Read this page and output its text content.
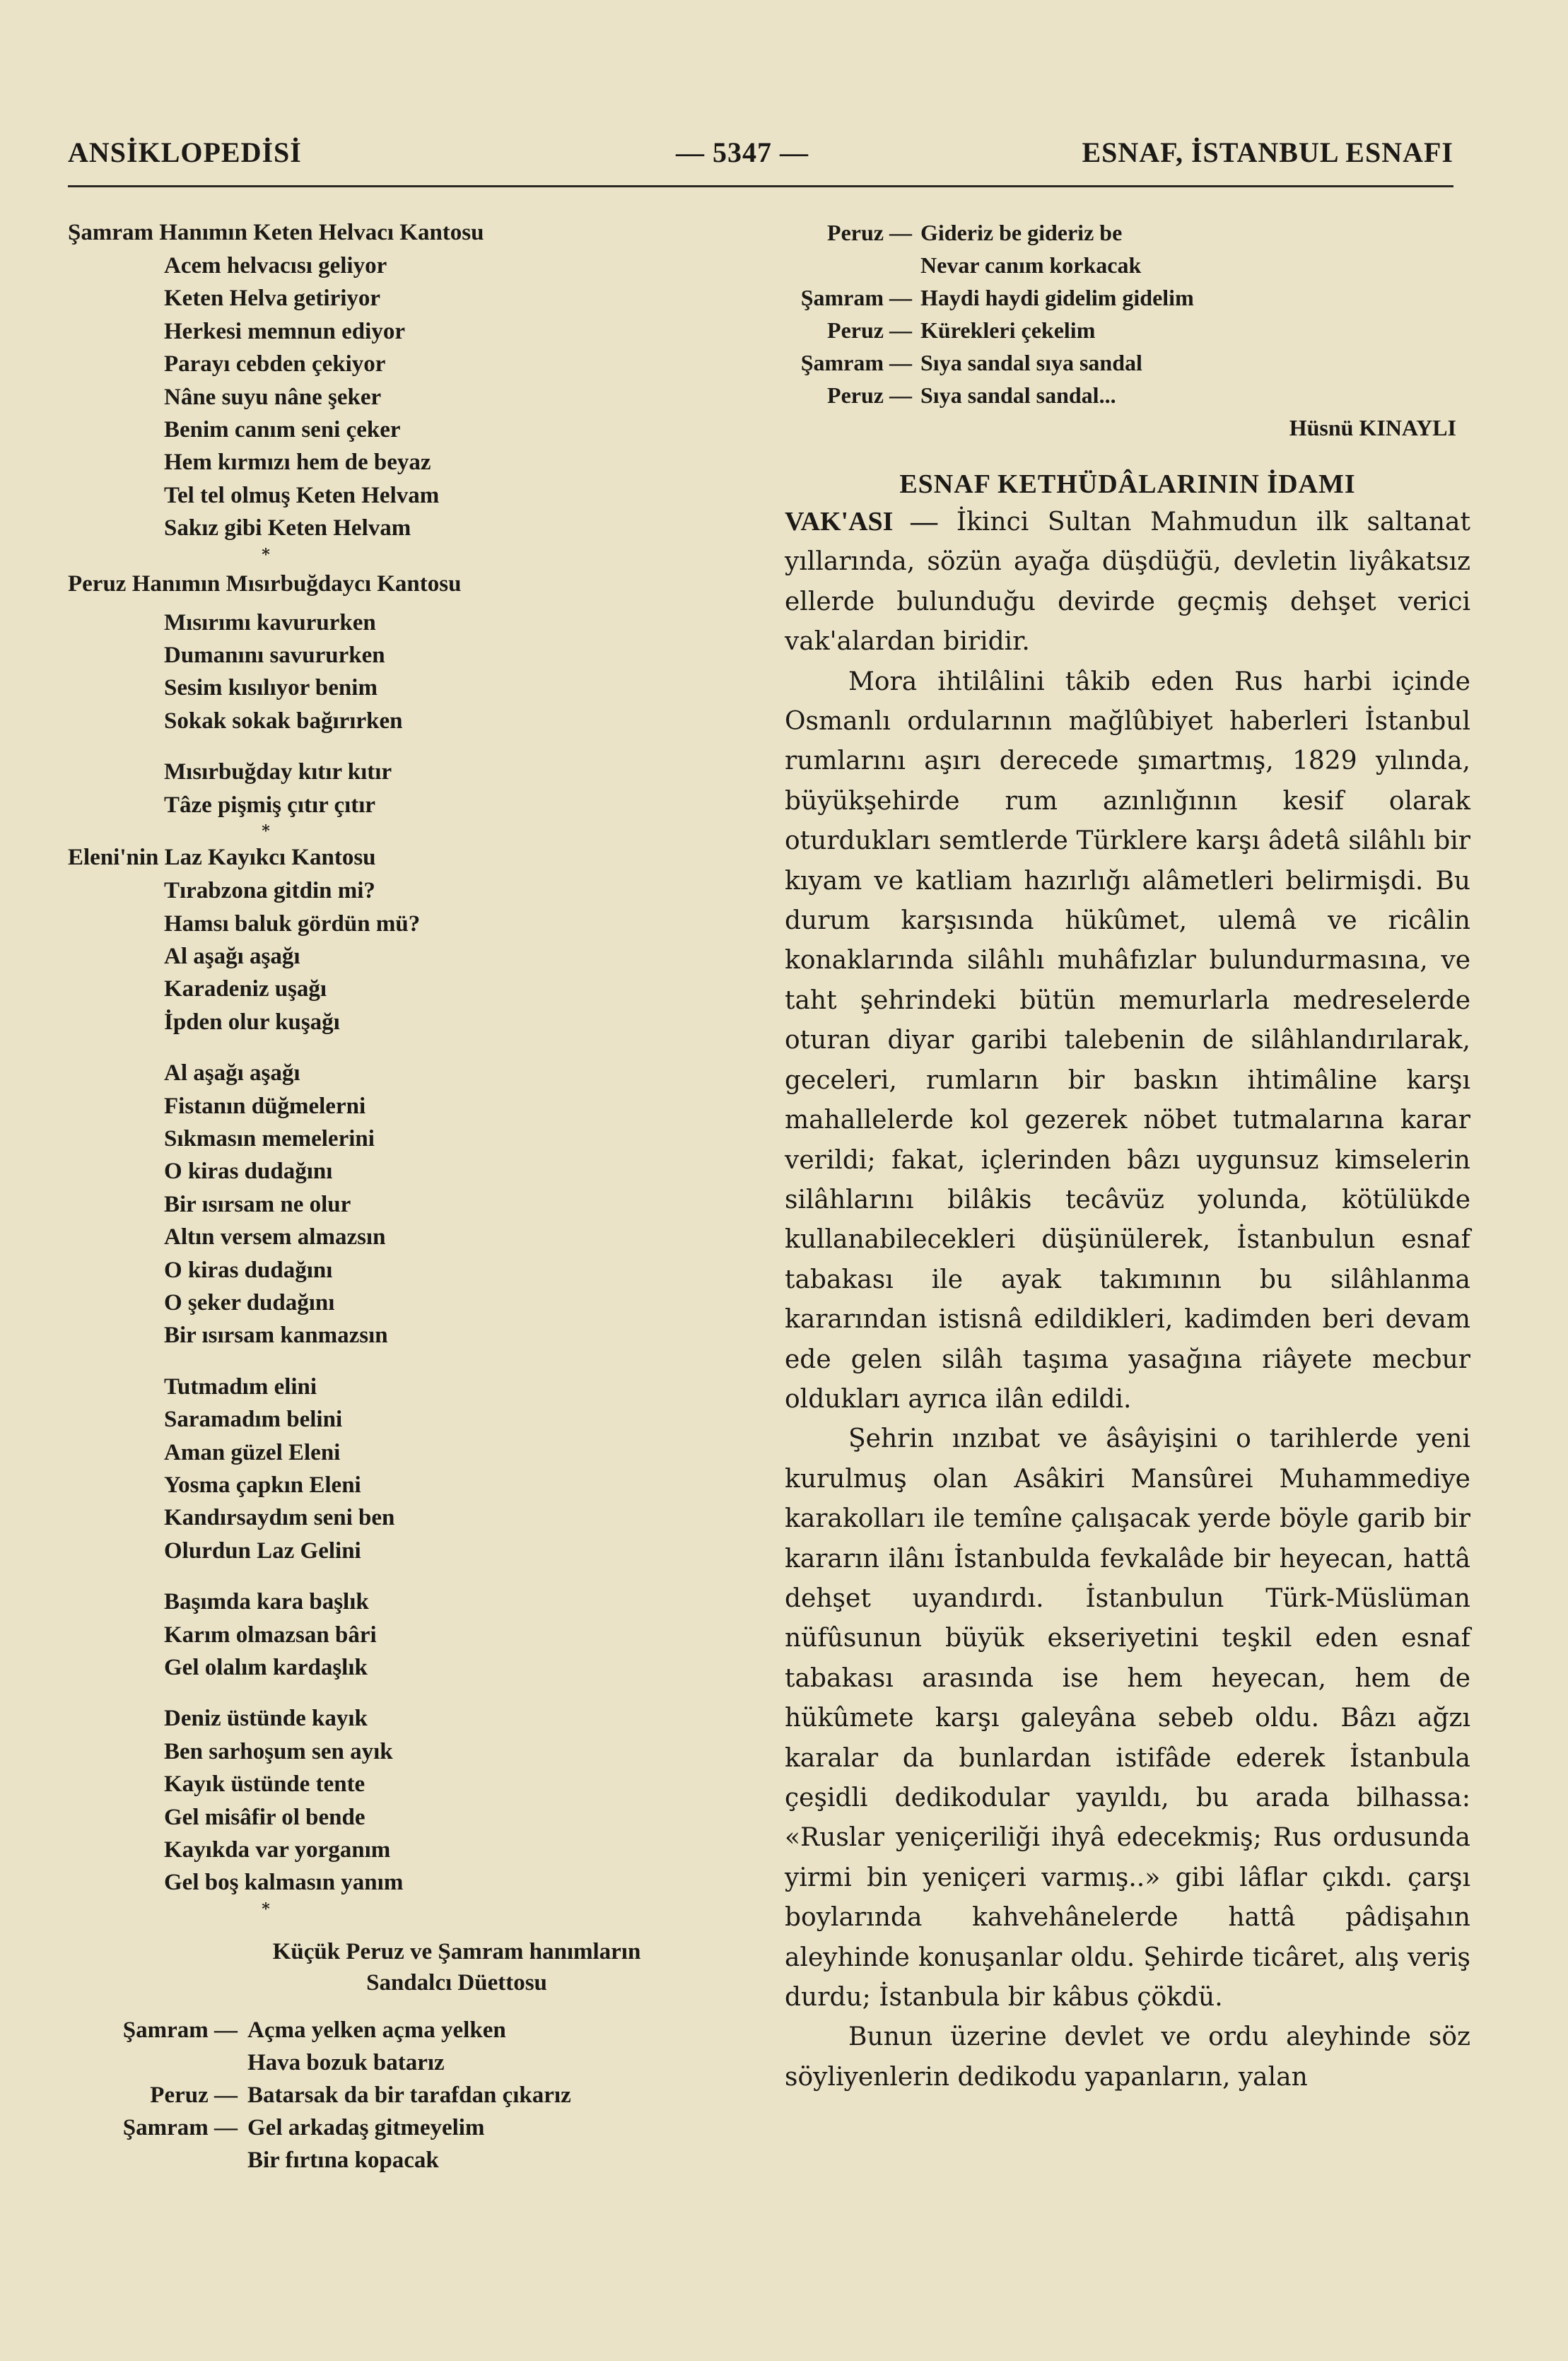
ANSİKLOPEDİSİ	— 5347 —	ESNAF, İSTANBUL ESNAFI
Şamram Hanımın Keten Helvacı Kantosu
Acem helvacısı geliyor
Keten Helva getiriyor
Herkesi memnun ediyor
Parayı cebden çekiyor
Nâne suyu nâne şeker
Benim canım seni çeker
Hem kırmızı hem de beyaz
Tel tel olmuş Keten Helvam
Sakız gibi Keten Helvam
*
Peruz Hanımın Mısırbuğdaycı Kantosu
Mısırımı kavururken
Dumanını savururken
Sesim kısılıyor benim
Sokak sokak bağırırken
Mısırbuğday kıtır kıtır
Tâze pişmiş çıtır çıtır
*
Eleni'nin Laz Kayıkcı Kantosu
Tırabzona gitdin mi?
Hamsı baluk gördün mü?
Al aşağı aşağı
Karadeniz uşağı
İpden olur kuşağı
Al aşağı aşağı
Fistanın düğmelerni
Sıkmasın memelerini
O kiras dudağını
Bir ısırsam ne olur
Altın versem almazsın
O kiras dudağını
O şeker dudağını
Bir ısırsam kanmazsın
Tutmadım elini
Saramadım belini
Aman güzel Eleni
Yosma çapkın Eleni
Kandırsaydım seni ben
Olurdun Laz Gelini
Başımda kara başlık
Karım olmazsan bâri
Gel olalım kardaşlık
Deniz üstünde kayık
Ben sarhoşum sen ayık
Kayık üstünde tente
Gel misâfir ol bende
Kayıkda var yorganım
Gel boş kalmasın yanım
*
Küçük Peruz ve Şamram hanımların
Sandalcı Düettosu
Şamram — Açma yelken açma yelken
Hava bozuk batarız
Peruz — Batarsak da bir tarafdan çıkarız
Şamram — Gel arkadaş gitmeyelim
Bir fırtına kopacak
Peruz — Gideriz be gideriz be
Nevar canım korkacak
Şamram — Haydi haydi gidelim gidelim
Peruz — Kürekleri çekelim
Şamram — Sıya sandal sıya sandal
Peruz — Sıya sandal sandal...
Hüsnü KINAYLI
ESNAF KETHÜDÂLARININ İDAMI

VAK'ASI — İkinci Sultan Mahmudun ilk saltanat yıllarında, sözün ayağa düşdüğü, devletin liyâkatsız ellerde bulunduğu devirde geçmiş dehşet verici vak'alardan biridir.

Mora ihtilâlini tâkib eden Rus harbi içinde Osmanlı ordularının mağlûbiyet haberleri İstanbul rumlarını aşırı derecede şımartmış, 1829 yılında, büyükşehirde rum azınlığının kesif olarak oturdukları semtlerde Türklere karşı âdetâ silâhlı bir kıyam ve katliam hazırlığı alâmetleri belirmişdi. Bu durum karşısında hükûmet, ulemâ ve ricâlin konaklarında silâhlı muhâfızlar bulundurmasına, ve taht şehrindeki bütün memurlarla medreselerde oturan diyar garibi talebenin de silâhlandırılarak, geceleri, rumların bir baskın ihtimâline karşı mahallelerde kol gezerek nöbet tutmalarına karar verildi; fakat, içlerinden bâzı uygunsuz kimselerin silâhlarını bilâkis tecâvüz yolunda, kötülükde kullanabilecekleri düşünülerek, İstanbulun esnaf tabakası ile ayak takımının bu silâhlanma kararından istisnâ edildikleri, kadimden beri devam ede gelen silâh taşıma yasağına riâyete mecbur oldukları ayrıca ilân edildi.

Şehrin ınzıbat ve âsâyişini o tarihlerde yeni kurulmuş olan Asâkiri Mansûrei Muhammediye karakolları ile temîne çalışacak yerde böyle garib bir kararın ilânı İstanbulda fevkalâde bir heyecan, hattâ dehşet uyandırdı. İstanbulun Türk-Müslüman nüfûsunun büyük ekseriyetini teşkil eden esnaf tabakası arasında ise hem heyecan, hem de hükûmete karşı galeyâna sebeb oldu. Bâzı ağzı karalar da bunlardan istifâde ederek İstanbula çeşidli dedikodular yayıldı, bu arada bilhassa: «Ruslar yeniçeriliği ihyâ edecekmiş; Rus ordusunda yirmi bin yeniçeri varmış..» gibi lâflar çıkdı. çarşı boylarında kahvehânelerde hattâ pâdişahın aleyhinde konuşanlar oldu. Şehirde ticâret, alış veriş durdu; İstanbula bir kâbus çökdü.

Bunun üzerine devlet ve ordu aleyhinde söz söyliyenlerin dedikodu yapanların, yalan
